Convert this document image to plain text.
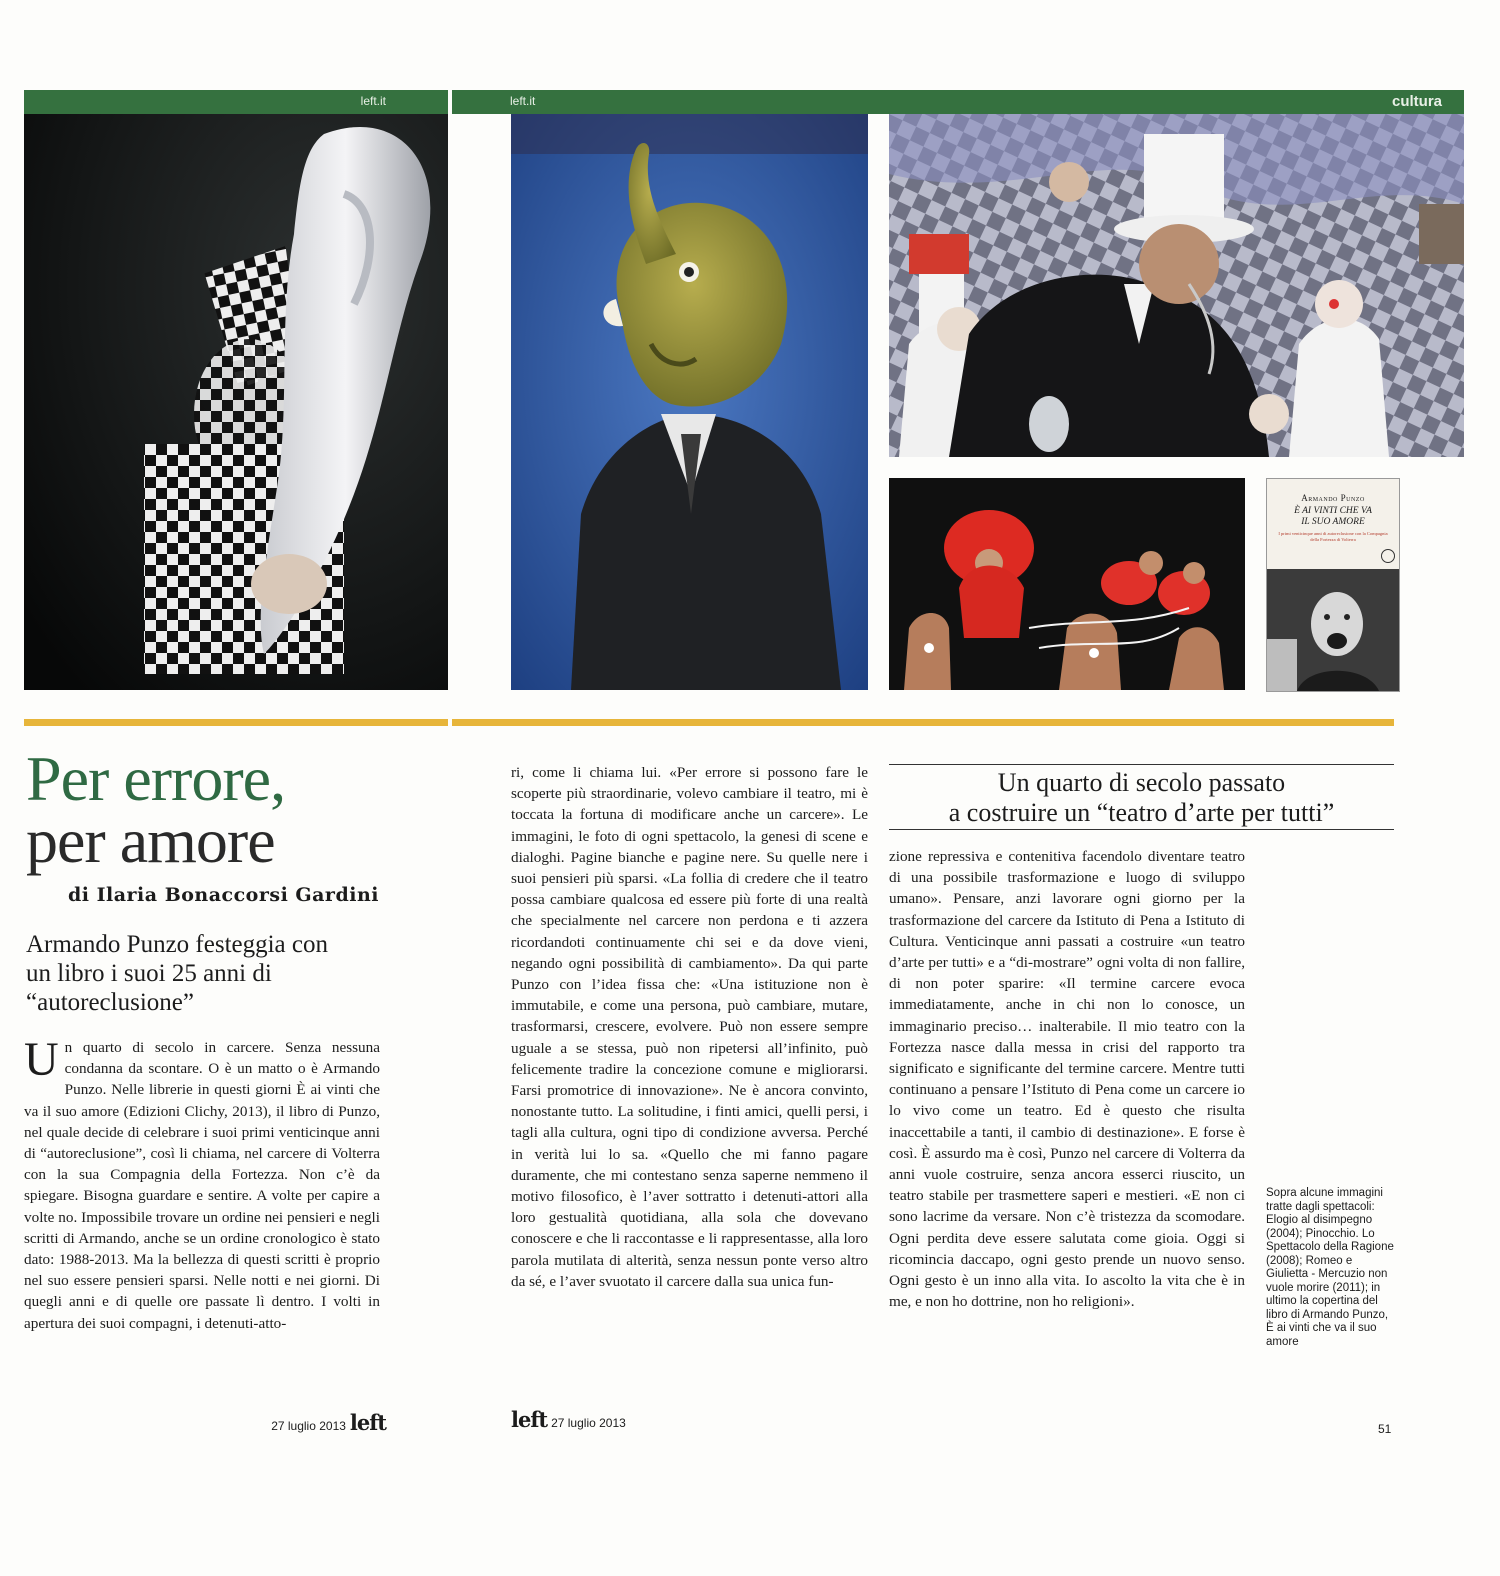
left.it	left.it	cultura
Armando Punzo
È AI VINTI CHE VA
IL SUO AMORE
I primi venticinque anni di autoreclusione con la Compagnia della Fortezza di Volterra
Per errore,
per amore
di Ilaria Bonaccorsi Gardini
Armando Punzo festeggia con un libro i suoi 25 anni di “autoreclusione”
U n quarto di secolo in carcere. Senza nessuna condanna da scontare. O è un matto o è Armando Punzo. Nelle librerie in questi giorni È ai vinti che va il suo amore (Edizioni Clichy, 2013), il libro di Punzo, nel quale decide di celebrare i suoi primi venticinque anni di “autoreclusione”, così li chiama, nel carcere di Volterra con la sua Compagnia della Fortezza. Non c’è da spiegare. Bisogna guardare e sentire. A volte per capire a volte no. Impossibile trovare un ordine nei pensieri e negli scritti di Armando, anche se un ordine cronologico è stato dato: 1988-2013. Ma la bellezza di questi scritti è proprio nel suo essere pensieri sparsi. Nelle notti e nei giorni. Di quegli anni e di quelle ore passate lì dentro. I volti in apertura dei suoi compagni, i detenuti-atto-
ri, come li chiama lui. «Per errore si possono fare le scoperte più straordinarie, volevo cambiare il teatro, mi è toccata la fortuna di modificare anche un carcere». Le immagini, le foto di ogni spettacolo, la genesi di scene e dialoghi. Pagine bianche e pagine nere. Su quelle nere i suoi pensieri più sparsi. «La follia di credere che il teatro possa cambiare qualcosa ed essere più forte di una realtà che specialmente nel carcere non perdona e ti azzera ricordandoti continuamente chi sei e da dove vieni, negando ogni possibilità di cambiamento». Da qui parte Punzo con l’idea fissa che: «Una istituzione non è immutabile, e come una persona, può cambiare, mutare, trasformarsi, crescere, evolvere. Può non essere sempre uguale a se stessa, può non ripetersi all’infinito, può felicemente tradire la concezione comune e migliorarsi. Farsi promotrice di innovazione». Ne è ancora convinto, nonostante tutto. La solitudine, i finti amici, quelli persi, i tagli alla cultura, ogni tipo di condizione avversa. Perché in verità lui lo sa. «Quello che mi fanno pagare duramente, che mi contestano senza saperne nemmeno il motivo filosofico, è l’aver sottratto i detenuti-attori alla loro gestualità quotidiana, alla sola che dovevano conoscere e che li raccontasse e li rappresentasse, alla loro parola mutilata di alterità, senza nessun ponte verso altro da sé, e l’aver svuotato il carcere dalla sua unica fun-
Un quarto di secolo passato
a costruire un “teatro d’arte per tutti”
zione repressiva e contenitiva facendolo diventare teatro di una possibile trasformazione e luogo di sviluppo umano». Pensare, anzi lavorare ogni giorno per la trasformazione del carcere da Istituto di Pena a Istituto di Cultura. Venticinque anni passati a costruire «un teatro d’arte per tutti» e a “di-mostrare” ogni volta di non fallire, di non poter sparire: «Il termine carcere evoca immediatamente, anche in chi non lo conosce, un immaginario preciso… inalterabile. Il mio teatro con la Fortezza nasce dalla messa in crisi del rapporto tra significato e significante del termine carcere. Mentre tutti continuano a pensare l’Istituto di Pena come un carcere io lo vivo come un teatro. Ed è questo che risulta inaccettabile a tanti, il cambio di destinazione». E forse è così. È assurdo ma è così, Punzo nel carcere di Volterra da anni vuole costruire, senza ancora esserci riuscito, un teatro stabile per trasmettere saperi e mestieri. «E non ci sono lacrime da versare. Non c’è tristezza da scomodare. Ogni perdita deve essere salutata come gioia. Oggi si ricomincia daccapo, ogni gesto prende un nuovo senso. Ogni gesto è un inno alla vita. Io ascolto la vita che è in me, e non ho dottrine, non ho religioni».
Sopra alcune immagini tratte dagli spettacoli: Elogio al disimpegno (2004); Pinocchio. Lo Spettacolo della Ragione (2008); Romeo e Giulietta - Mercuzio non vuole morire (2011); in ultimo la copertina del libro di Armando Punzo, È ai vinti che va il suo amore
27 luglio 2013 left	left 27 luglio 2013	51
